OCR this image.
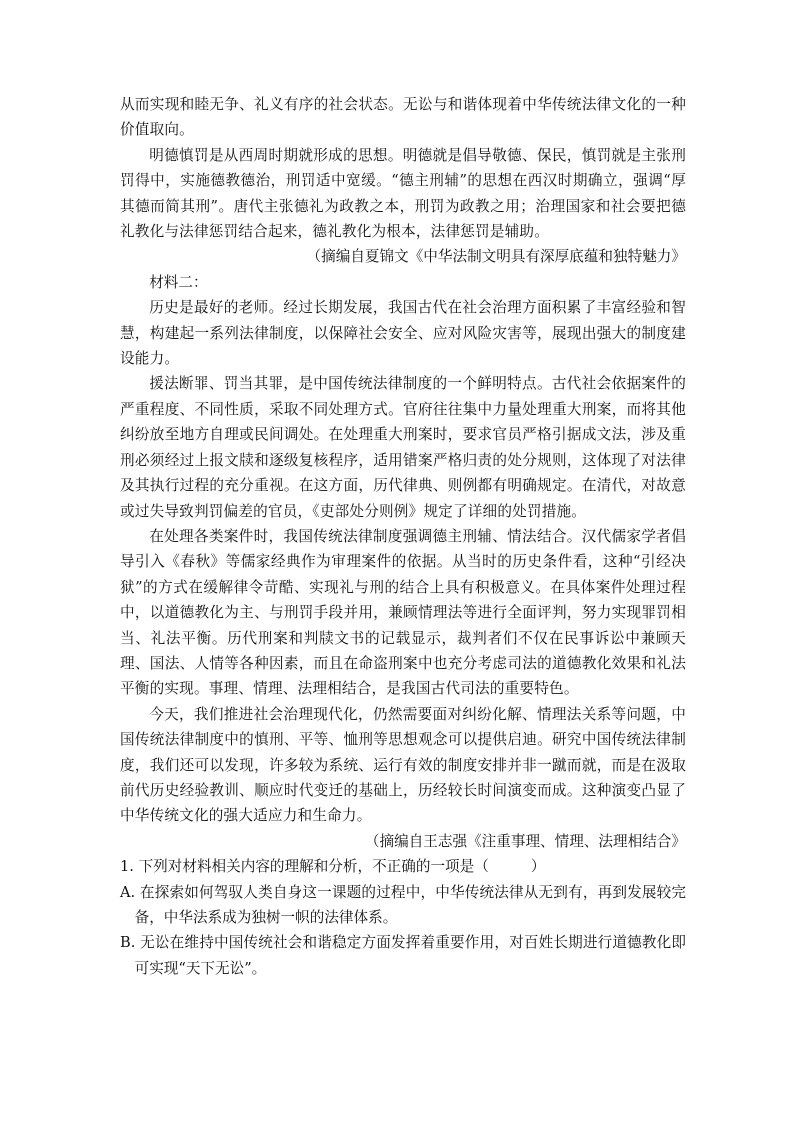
从而实现和睦无争、礼义有序的社会状态。无讼与和谐体现着中华传统法律文化的一种价值取向。

明德慎罚是从西周时期就形成的思想。明德就是倡导敬德、保民，慎罚就是主张刑罚得中，实施德教德治，刑罚适中宽缓。“德主刑辅”的思想在西汉时期确立，强调“厚其德而简其刑”。唐代主张德礼为政教之本，刑罚为政教之用；治理国家和社会要把德礼教化与法律惩罚结合起来，德礼教化为根本，法律惩罚是辅助。

（摘编自夏锦文《中华法制文明具有深厚底蕴和独特魅力》

材料二：

历史是最好的老师。经过长期发展，我国古代在社会治理方面积累了丰富经验和智慧，构建起一系列法律制度，以保障社会安全、应对风险灾害等，展现出强大的制度建设能力。

援法断罪、罚当其罪，是中国传统法律制度的一个鲜明特点。古代社会依据案件的严重程度、不同性质，采取不同处理方式。官府往往集中力量处理重大刑案，而将其他纠纷放至地方自理或民间调处。在处理重大刑案时，要求官员严格引据成文法，涉及重刑必须经过上报文牍和逐级复核程序，适用错案严格归责的处分规则，这体现了对法律及其执行过程的充分重视。在这方面，历代律典、则例都有明确规定。在清代，对故意或过失导致判罚偏差的官员，《吏部处分则例》规定了详细的处罚措施。

在处理各类案件时，我国传统法律制度强调德主刑辅、情法结合。汉代儒家学者倡导引入《春秋》等儒家经典作为审理案件的依据。从当时的历史条件看，这种“引经决狱”的方式在缓解律令苛酷、实现礼与刑的结合上具有积极意义。在具体案件处理过程中，以道德教化为主、与刑罚手段并用，兼顾情理法等进行全面评判，努力实现罪罚相当、礼法平衡。历代刑案和判牍文书的记载显示，裁判者们不仅在民事诉讼中兼顾天理、国法、人情等各种因素，而且在命盗刑案中也充分考虑司法的道德教化效果和礼法平衡的实现。事理、情理、法理相结合，是我国古代司法的重要特色。

今天，我们推进社会治理现代化，仍然需要面对纠纷化解、情理法关系等问题，中国传统法律制度中的慎刑、平等、恤刑等思想观念可以提供启迪。研究中国传统法律制度，我们还可以发现，许多较为系统、运行有效的制度安排并非一蹴而就，而是在汲取前代历史经验教训、顺应时代变迁的基础上，历经较长时间演变而成。这种演变凸显了中华传统文化的强大适应力和生命力。

（摘编自王志强《注重事理、情理、法理相结合》

1. 下列对材料相关内容的理解和分析，不正确的一项是（	）

A. 在探索如何驾驭人类自身这一课题的过程中，中华传统法律从无到有，再到发展较完备，中华法系成为独树一帜的法律体系。

B. 无讼在维持中国传统社会和谐稳定方面发挥着重要作用，对百姓长期进行道德教化即可实现“天下无讼”。
